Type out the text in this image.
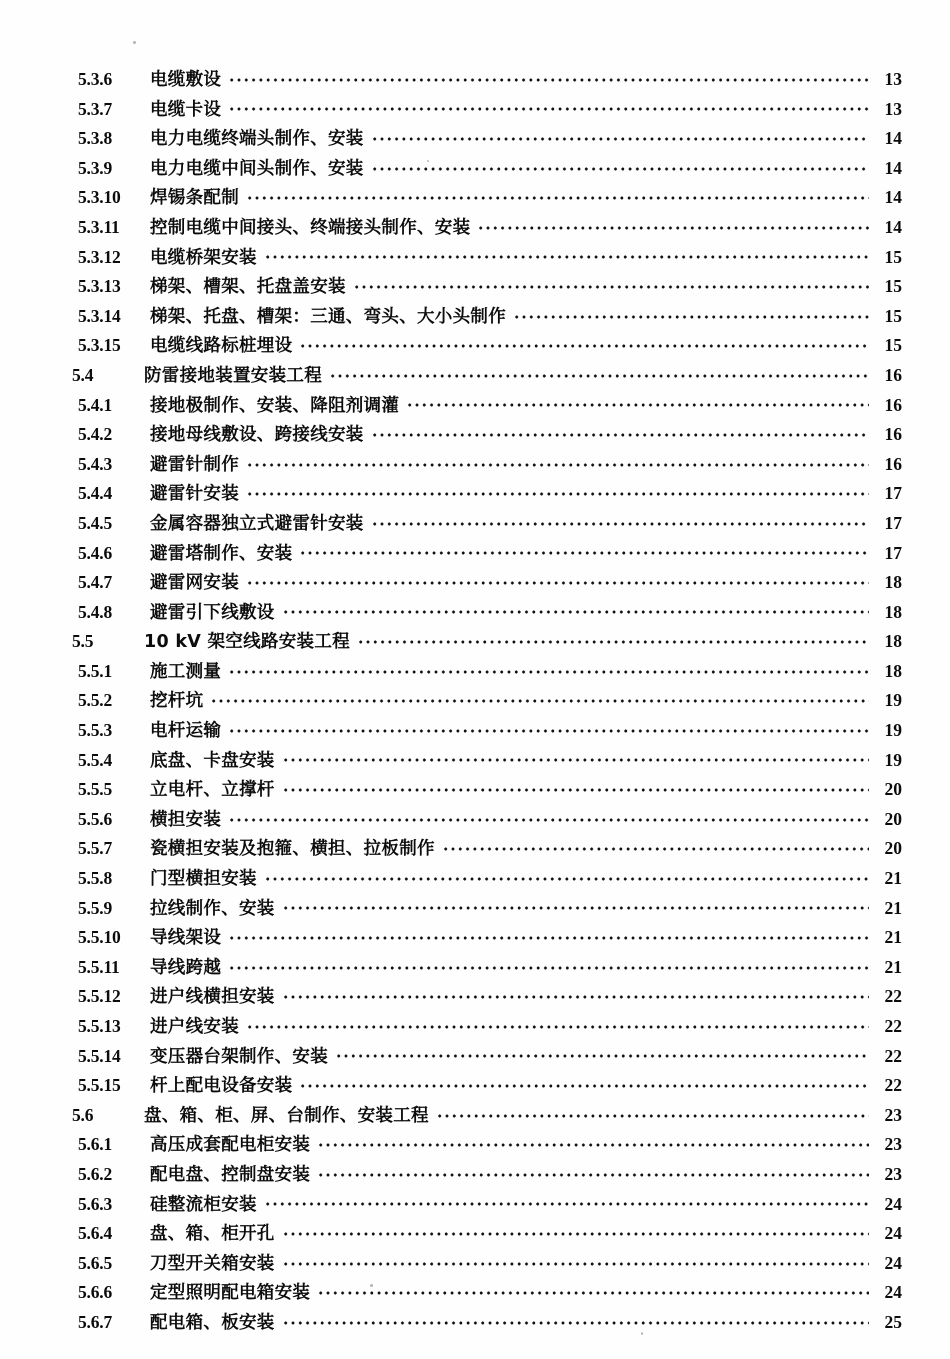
5.3.6	电缆敷设	13
5.3.7	电缆卡设	13
5.3.8	电力电缆终端头制作、安装	14
5.3.9	电力电缆中间头制作、安装	14
5.3.10	焊锡条配制	14
5.3.11	控制电缆中间接头、终端接头制作、安装	14
5.3.12	电缆桥架安装	15
5.3.13	梯架、槽架、托盘盖安装	15
5.3.14	梯架、托盘、槽架：三通、弯头、大小头制作	15
5.3.15	电缆线路标桩埋设	15
5.4	防雷接地装置安装工程	16
5.4.1	接地极制作、安装、降阻剂调灌	16
5.4.2	接地母线敷设、跨接线安装	16
5.4.3	避雷针制作	16
5.4.4	避雷针安装	17
5.4.5	金属容器独立式避雷针安装	17
5.4.6	避雷塔制作、安装	17
5.4.7	避雷网安装	18
5.4.8	避雷引下线敷设	18
5.5	10 kV 架空线路安装工程	18
5.5.1	施工测量	18
5.5.2	挖杆坑	19
5.5.3	电杆运输	19
5.5.4	底盘、卡盘安装	19
5.5.5	立电杆、立撑杆	20
5.5.6	横担安装	20
5.5.7	瓷横担安装及抱箍、横担、拉板制作	20
5.5.8	门型横担安装	21
5.5.9	拉线制作、安装	21
5.5.10	导线架设	21
5.5.11	导线跨越	21
5.5.12	进户线横担安装	22
5.5.13	进户线安装	22
5.5.14	变压器台架制作、安装	22
5.5.15	杆上配电设备安装	22
5.6	盘、箱、柜、屏、台制作、安装工程	23
5.6.1	高压成套配电柜安装	23
5.6.2	配电盘、控制盘安装	23
5.6.3	硅整流柜安装	24
5.6.4	盘、箱、柜开孔	24
5.6.5	刀型开关箱安装	24
5.6.6	定型照明配电箱安装	24
5.6.7	配电箱、板安装	25
